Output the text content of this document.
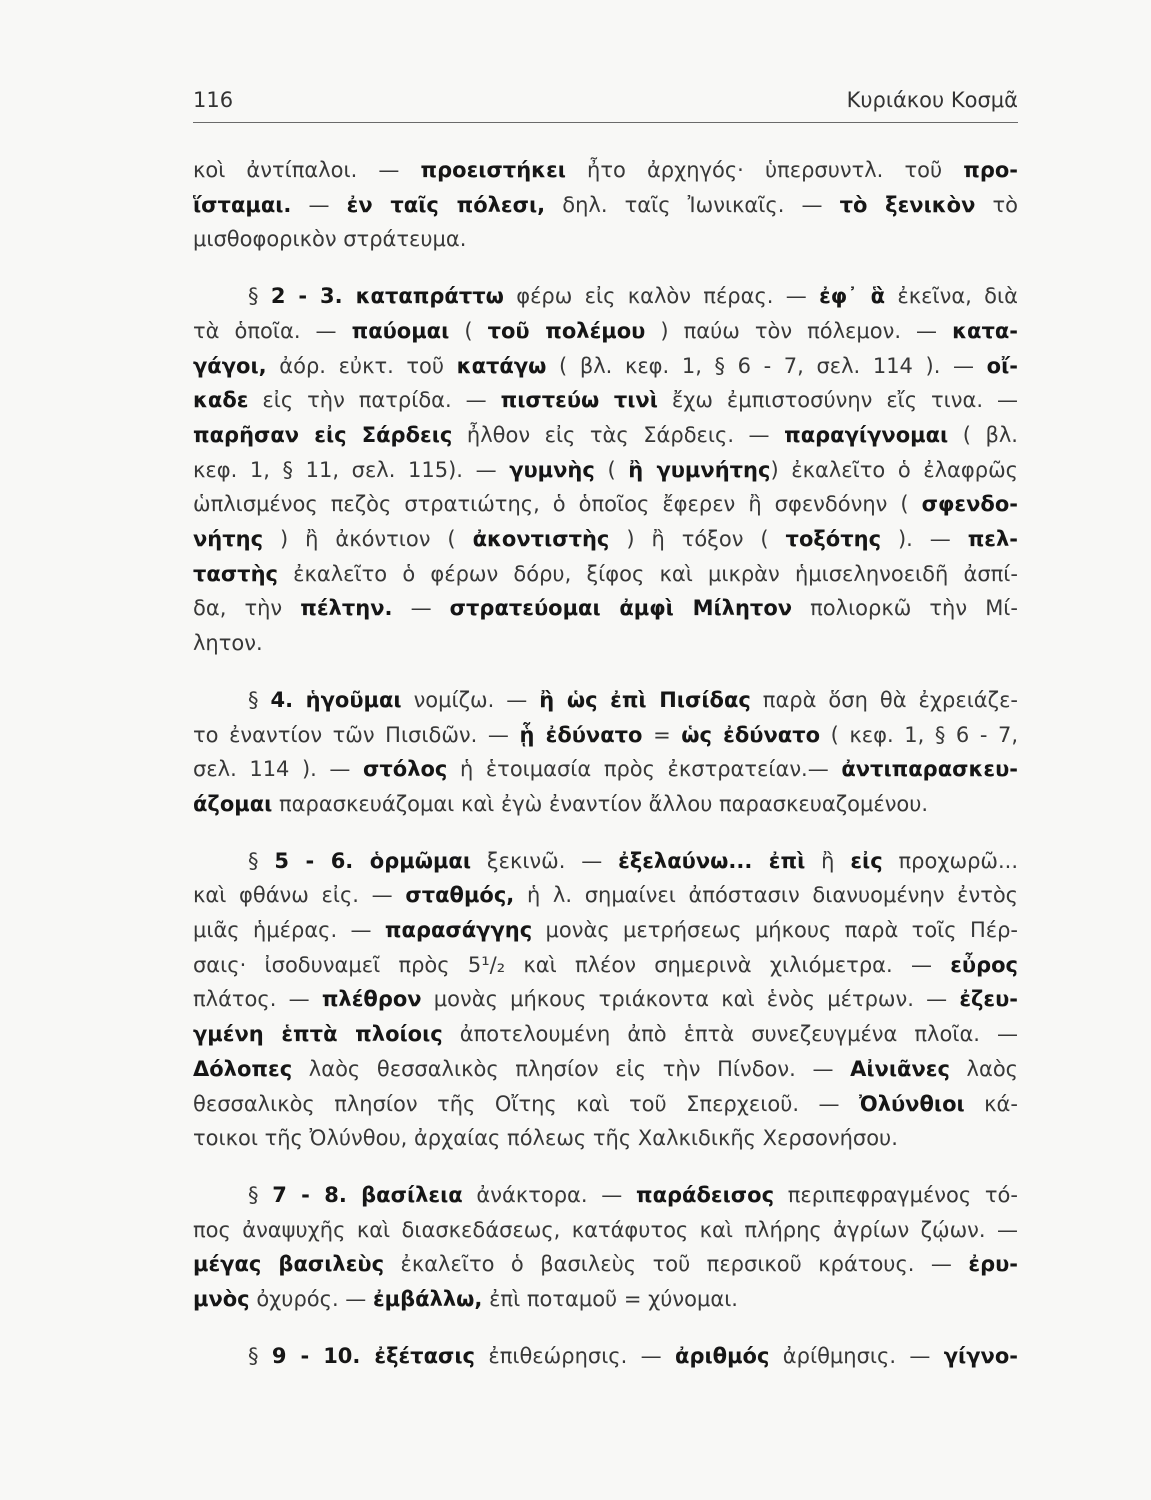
116	Κυριάκου Κοσμᾶ
κοὶ ἀντίπαλοι. — προειστήκει ἦτο ἀρχηγός· ὑπερσυντλ. τοῦ προ-
ἵσταμαι. — ἐν ταῖς πόλεσι, δηλ. ταῖς Ἰωνικαῖς. — τὸ ξενικὸν τὸ
μισθοφορικὸν στράτευμα.
§ 2 - 3. καταπράττω φέρω εἰς καλὸν πέρας. — ἐφ᾽ ἃ ἐκεῖνα, διὰ
τὰ ὁποῖα. — παύομαι ( τοῦ πολέμου ) παύω τὸν πόλεμον. — κατα-
γάγοι, ἀόρ. εὐκτ. τοῦ κατάγω ( βλ. κεφ. 1, § 6 - 7, σελ. 114 ). — οἴ-
καδε εἰς τὴν πατρίδα. — πιστεύω τινὶ ἔχω ἐμπιστοσύνην εἴς τινα. —
παρῆσαν εἰς Σάρδεις ἦλθον εἰς τὰς Σάρδεις. — παραγίγνομαι ( βλ.
κεφ. 1, § 11, σελ. 115). — γυμνὴς ( ἢ γυμνήτης) ἐκαλεῖτο ὁ ἐλαφρῶς
ὡπλισμένος πεζὸς στρατιώτης, ὁ ὁποῖος ἔφερεν ἢ σφενδόνην ( σφενδο-
νήτης ) ἢ ἀκόντιον ( ἀκοντιστὴς ) ἢ τόξον ( τοξότης ). — πελ-
ταστὴς ἐκαλεῖτο ὁ φέρων δόρυ, ξίφος καὶ μικρὰν ἡμισεληνοειδῆ ἀσπί-
δα, τὴν πέλτην. — στρατεύομαι ἀμφὶ Μίλητον πολιορκῶ τὴν Μί-
λητον.
§ 4. ἡγοῦμαι νομίζω. — ἢ ὡς ἐπὶ Πισίδας παρὰ ὅση θὰ ἐχρειάζε-
το ἐναντίον τῶν Πισιδῶν. — ᾗ ἐδύνατο = ὡς ἐδύνατο ( κεφ. 1, § 6 - 7,
σελ. 114 ). — στόλος ἡ ἑτοιμασία πρὸς ἐκστρατείαν.— ἀντιπαρασκευ-
άζομαι παρασκευάζομαι καὶ ἐγὼ ἐναντίον ἄλλου παρασκευαζομένου.
§ 5 - 6. ὁρμῶμαι ξεκινῶ. — ἐξελαύνω... ἐπὶ ἢ εἰς προχωρῶ...
καὶ φθάνω εἰς. — σταθμός, ἡ λ. σημαίνει ἀπόστασιν διανυομένην ἐντὸς
μιᾶς ἡμέρας. — παρασάγγης μονὰς μετρήσεως μήκους παρὰ τοῖς Πέρ-
σαις· ἰσοδυναμεῖ πρὸς 5¹/₂ καὶ πλέον σημερινὰ χιλιόμετρα. — εὖρος
πλάτος. — πλέθρον μονὰς μήκους τριάκοντα καὶ ἑνὸς μέτρων. — ἐζευ-
γμένη ἑπτὰ πλοίοις ἀποτελουμένη ἀπὸ ἑπτὰ συνεζευγμένα πλοῖα. —
Δόλοπες λαὸς θεσσαλικὸς πλησίον εἰς τὴν Πίνδον. — Αἰνιᾶνες λαὸς
θεσσαλικὸς πλησίον τῆς Οἴτης καὶ τοῦ Σπερχειοῦ. — Ὀλύνθιοι κά-
τοικοι τῆς Ὀλύνθου, ἀρχαίας πόλεως τῆς Χαλκιδικῆς Χερσονήσου.
§ 7 - 8. βασίλεια ἀνάκτορα. — παράδεισος περιπεφραγμένος τό-
πος ἀναψυχῆς καὶ διασκεδάσεως, κατάφυτος καὶ πλήρης ἀγρίων ζῴων. —
μέγας βασιλεὺς ἐκαλεῖτο ὁ βασιλεὺς τοῦ περσικοῦ κράτους. — ἐρυ-
μνὸς ὀχυρός. — ἐμβάλλω, ἐπὶ ποταμοῦ = χύνομαι.
§ 9 - 10. ἐξέτασις ἐπιθεώρησις. — ἀριθμός ἀρίθμησις. — γίγνο-
